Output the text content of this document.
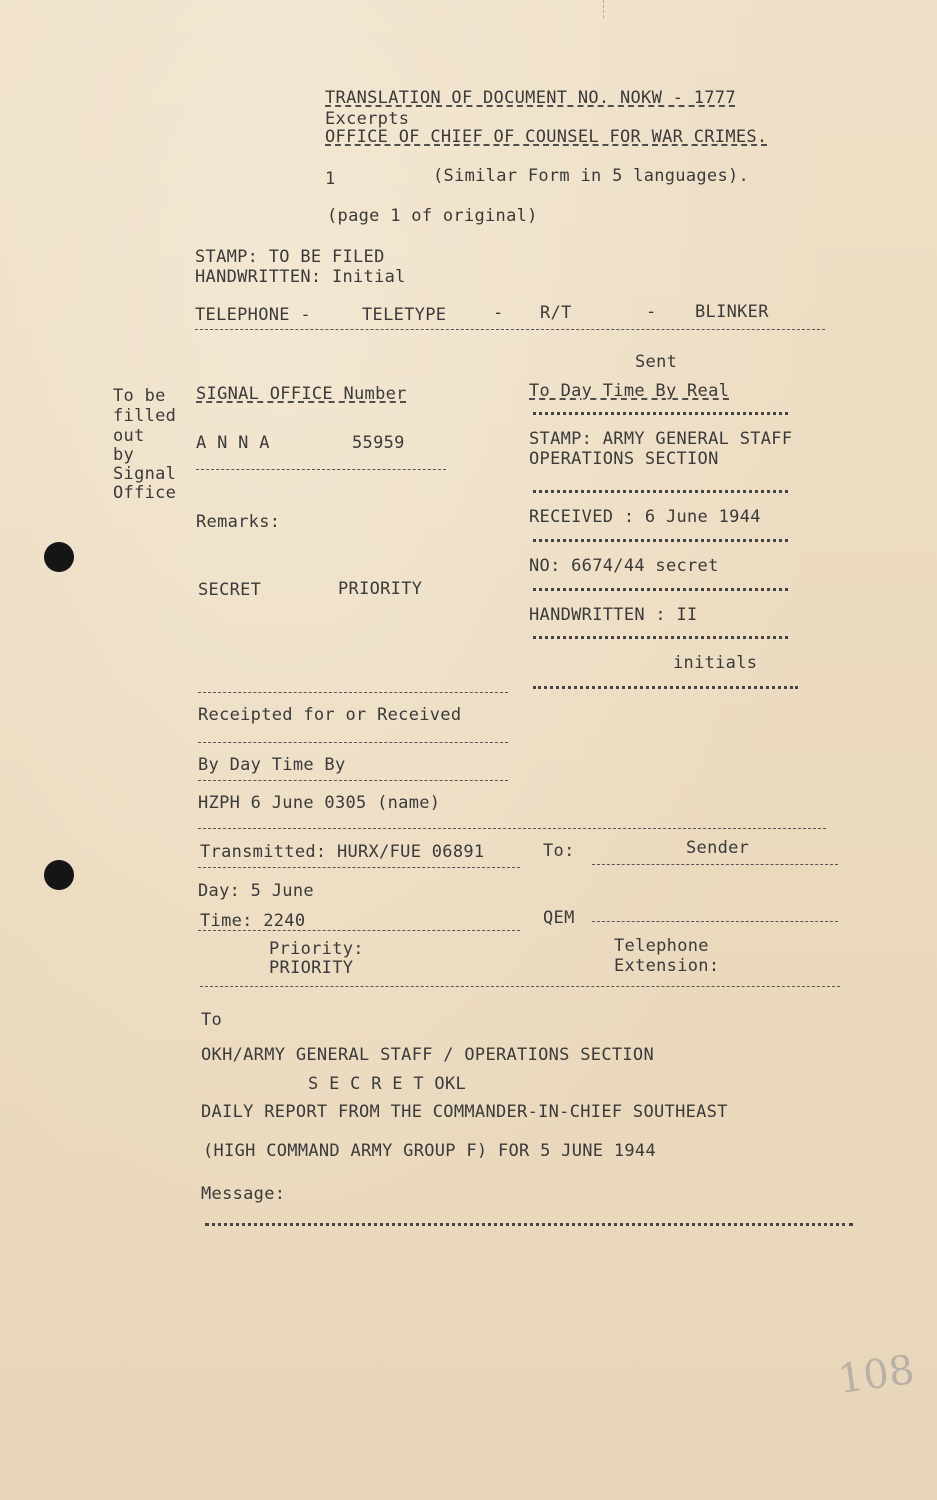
TRANSLATION OF DOCUMENT NO. NOKW - 1777
Excerpts
OFFICE OF CHIEF OF COUNSEL FOR WAR CRIMES.
1	(Similar Form in 5 languages).
(page 1 of original)
STAMP: TO BE FILED
HANDWRITTEN: Initial
TELEPHONE -	TELETYPE	- R/T	- BLINKER
To be
filled
out
by
Signal
Office
SIGNAL OFFICE Number
A N N A	55959
Remarks:
SECRET	PRIORITY
Sent
To Day Time By Real
STAMP: ARMY GENERAL STAFF
OPERATIONS SECTION
RECEIVED : 6 June 1944
NO: 6674/44 secret
HANDWRITTEN : II
initials
Receipted for or Received
By Day Time By
HZPH 6 June 0305 (name)
Transmitted: HURX/FUE 06891	To:	Sender
Day: 5 June
Time: 2240	QEM
Priority:
PRIORITY
Telephone
Extension:
To
OKH/ARMY GENERAL STAFF / OPERATIONS SECTION
S E C R E T OKL
DAILY REPORT FROM THE COMMANDER-IN-CHIEF SOUTHEAST
(HIGH COMMAND ARMY GROUP F) FOR 5 JUNE 1944
Message:
108
